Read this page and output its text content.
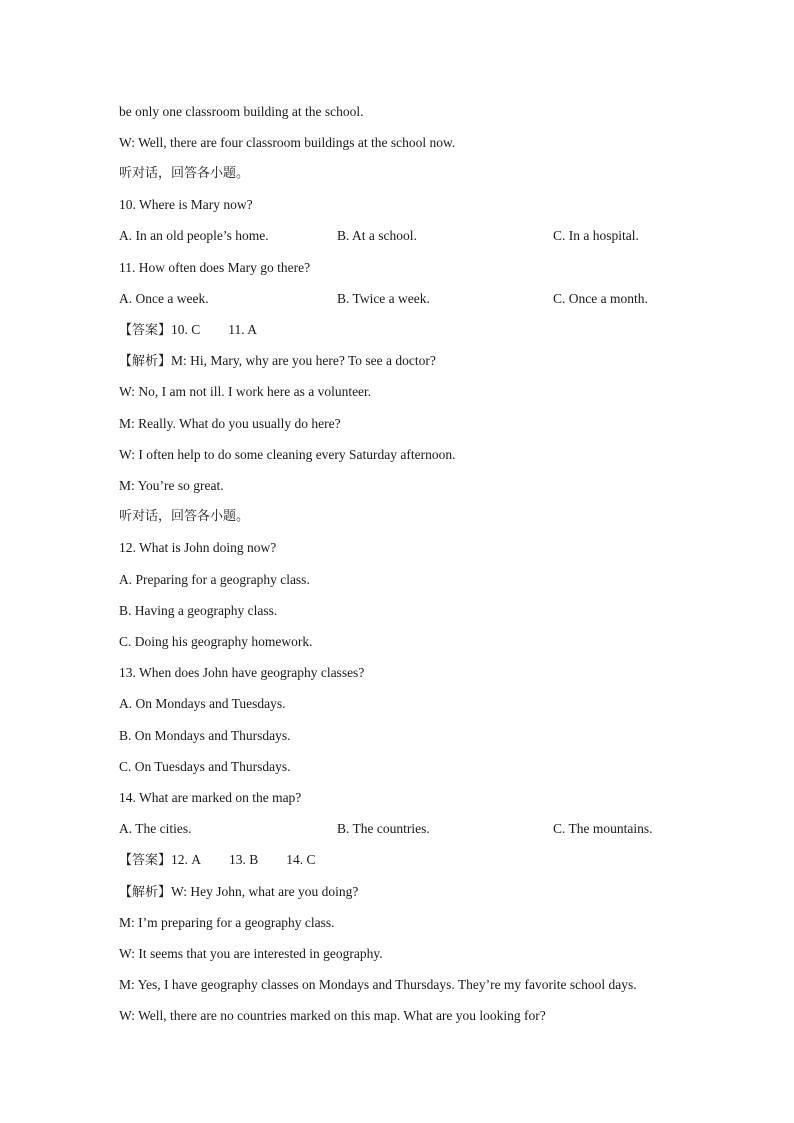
be only one classroom building at the school.
W: Well, there are four classroom buildings at the school now.
听对话，回答各小题。
10. Where is Mary now?
A. In an old people’s home.	B. At a school.	C. In a hospital.
11. How often does Mary go there?
A. Once a week.	B. Twice a week.	C. Once a month.
【答案】10. C 11. A
【解析】M: Hi, Mary, why are you here? To see a doctor?
W: No, I am not ill. I work here as a volunteer.
M: Really. What do you usually do here?
W: I often help to do some cleaning every Saturday afternoon.
M: You’re so great.
听对话，回答各小题。
12. What is John doing now?
A. Preparing for a geography class.
B. Having a geography class.
C. Doing his geography homework.
13. When does John have geography classes?
A. On Mondays and Tuesdays.
B. On Mondays and Thursdays.
C. On Tuesdays and Thursdays.
14. What are marked on the map?
A. The cities.	B. The countries.	C. The mountains.
【答案】12. A 13. B 14. C
【解析】W: Hey John, what are you doing?
M: I’m preparing for a geography class.
W: It seems that you are interested in geography.
M: Yes, I have geography classes on Mondays and Thursdays. They’re my favorite school days.
W: Well, there are no countries marked on this map. What are you looking for?
